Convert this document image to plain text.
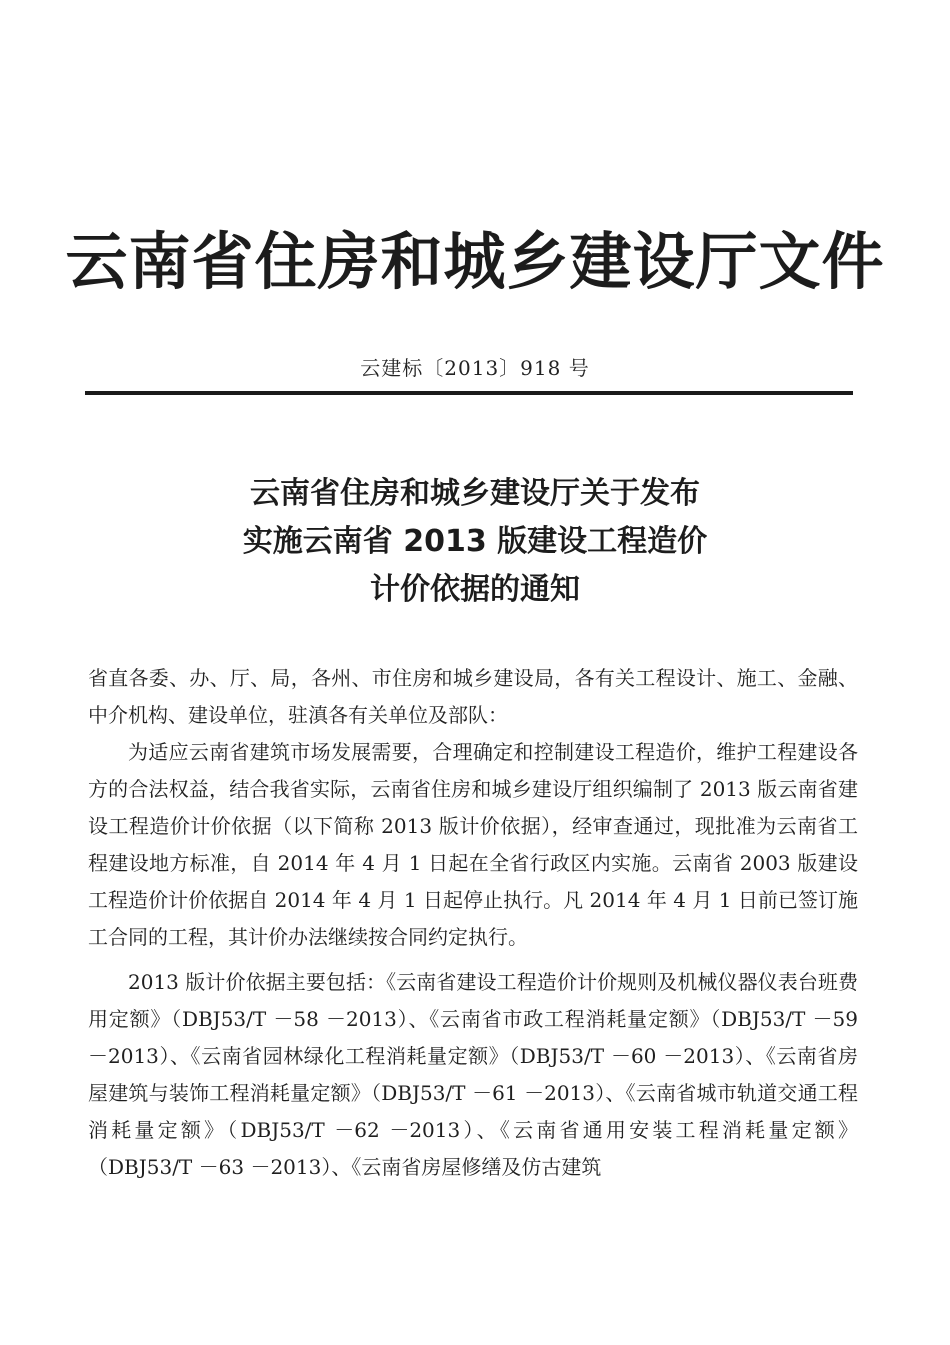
云南省住房和城乡建设厅文件
云建标〔2013〕918 号
云南省住房和城乡建设厅关于发布
实施云南省 2013 版建设工程造价
计价依据的通知

省直各委、办、厅、局，各州、市住房和城乡建设局，各有关工程设计、施工、金融、中介机构、建设单位，驻滇各有关单位及部队：

为适应云南省建筑市场发展需要，合理确定和控制建设工程造价，维护工程建设各方的合法权益，结合我省实际，云南省住房和城乡建设厅组织编制了 2013 版云南省建设工程造价计价依据（以下简称 2013 版计价依据），经审查通过，现批准为云南省工程建设地方标准，自 2014 年 4 月 1 日起在全省行政区内实施。云南省 2003 版建设工程造价计价依据自 2014 年 4 月 1 日起停止执行。凡 2014 年 4 月 1 日前已签订施工合同的工程，其计价办法继续按合同约定执行。

2013 版计价依据主要包括：《云南省建设工程造价计价规则及机械仪器仪表台班费用定额》（DBJ53/T －58 －2013）、《云南省市政工程消耗量定额》（DBJ53/T －59 －2013）、《云南省园林绿化工程消耗量定额》（DBJ53/T －60 －2013）、《云南省房屋建筑与装饰工程消耗量定额》（DBJ53/T －61 －2013）、《云南省城市轨道交通工程消耗量定额》（DBJ53/T －62 －2013）、《云南省通用安装工程消耗量定额》（DBJ53/T －63 －2013）、《云南省房屋修缮及仿古建筑
